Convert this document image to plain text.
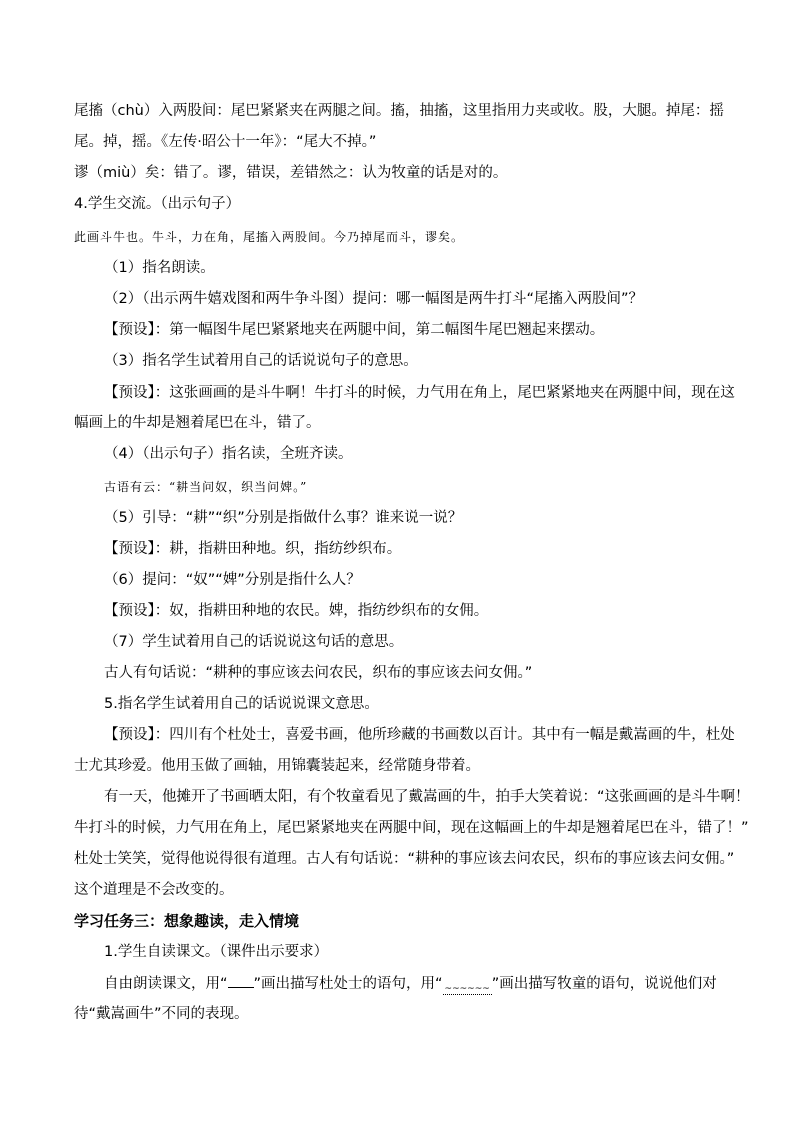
尾搐（chù）入两股间：尾巴紧紧夹在两腿之间。搐，抽搐，这里指用力夹或收。股，大腿。掉尾：摇
尾。掉，摇。《左传·昭公十一年》：“尾大不掉。”
谬（miù）矣：错了。谬，错误，差错然之：认为牧童的话是对的。
4.学生交流。（出示句子）
此画斗牛也。牛斗，力在角，尾搐入两股间。今乃掉尾而斗，谬矣。
（1）指名朗读。
（2）（出示两牛嬉戏图和两牛争斗图）提问：哪一幅图是两牛打斗“尾搐入两股间”？
【预设】：第一幅图牛尾巴紧紧地夹在两腿中间，第二幅图牛尾巴翘起来摆动。
（3）指名学生试着用自己的话说说句子的意思。
【预设】：这张画画的是斗牛啊！牛打斗的时候，力气用在角上，尾巴紧紧地夹在两腿中间，现在这
幅画上的牛却是翘着尾巴在斗，错了。
（4）（出示句子）指名读，全班齐读。
古语有云：“耕当问奴，织当问婢。”
（5）引导：“耕”“织”分别是指做什么事？谁来说一说？
【预设】：耕，指耕田种地。织，指纺纱织布。
（6）提问：“奴”“婢”分别是指什么人？
【预设】：奴，指耕田种地的农民。婢，指纺纱织布的女佣。
（7）学生试着用自己的话说说这句话的意思。
古人有句话说：“耕种的事应该去问农民，织布的事应该去问女佣。”
5.指名学生试着用自己的话说说课文意思。
【预设】：四川有个杜处士，喜爱书画，他所珍藏的书画数以百计。其中有一幅是戴嵩画的牛，杜处
士尤其珍爱。他用玉做了画轴，用锦囊装起来，经常随身带着。
有一天，他摊开了书画晒太阳，有个牧童看见了戴嵩画的牛，拍手大笑着说：“这张画画的是斗牛啊！
牛打斗的时候，力气用在角上，尾巴紧紧地夹在两腿中间，现在这幅画上的牛却是翘着尾巴在斗，错了！”
杜处士笑笑，觉得他说得很有道理。古人有句话说：“耕种的事应该去问农民，织布的事应该去问女佣。”
这个道理是不会改变的。
学习任务三：想象趣读，走入情境
1.学生自读课文。（课件出示要求）
自由朗读课文，用“ ”画出描写杜处士的语句，用“ $_{\sim\sim\sim\sim\sim\sim}$ ”画出描写牧童的语句，说说他们对
待“戴嵩画牛”不同的表现。
